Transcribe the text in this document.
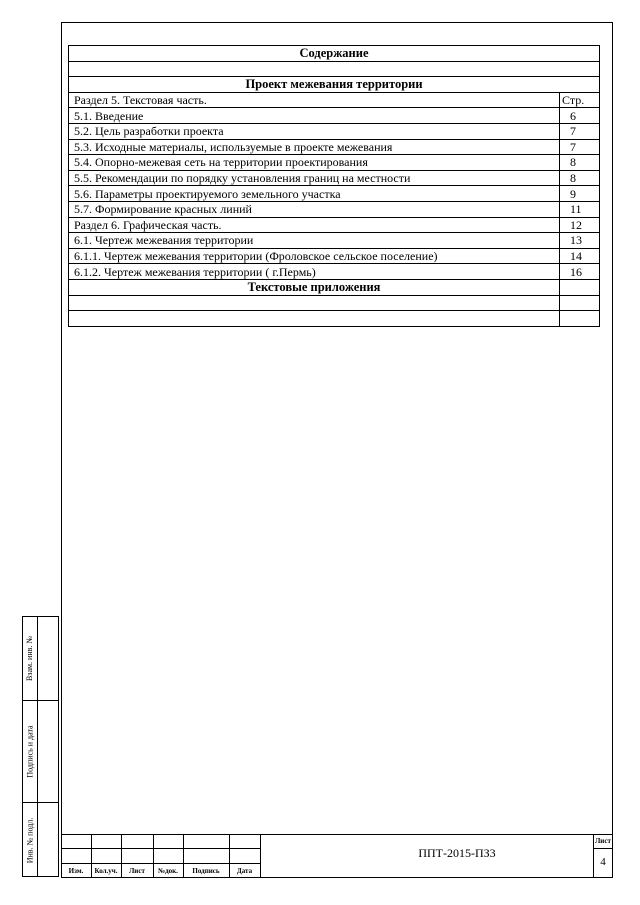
Содержание	

Проект межевания территории	
Раздел 5. Текстовая часть.	Стр.
5.1. Введение	6
5.2. Цель разработки проекта	7
5.3. Исходные материалы, используемые в проекте межевания	7
5.4. Опорно-межевая сеть на территории проектирования	8
5.5. Рекомендации по порядку установления границ на местности	8
5.6. Параметры проектируемого земельного участка	9
5.7. Формирование красных линий	11
Раздел 6. Графическая часть.	12
6.1. Чертеж межевания территории	13
6.1.1. Чертеж межевания территории (Фроловское сельское поселение)	14
6.1.2. Чертеж межевания территории ( г.Пермь)	16
Текстовые приложения	

Взам. инв. №
Подпись и дата
Инв. № подл.
Изм.	Кол.уч.	Лист	№док.	Подпись	Дата
ППТ-2015-ПЗ3
Лист
4
